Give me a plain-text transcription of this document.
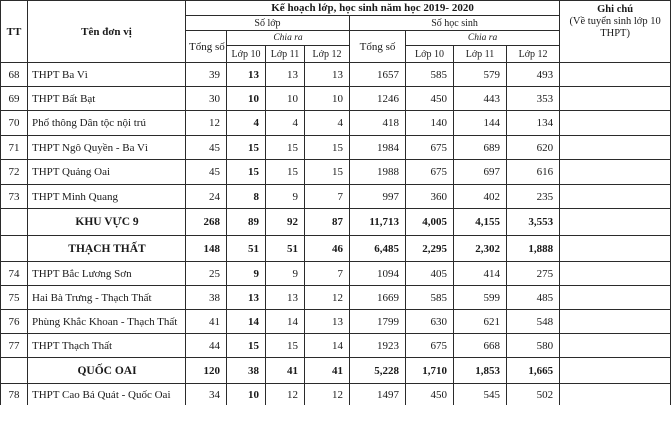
TT	Tên đơn vị	Kế hoạch lớp, học sinh năm học 2019- 2020								Ghi chú
(Về tuyển sinh lớp 10 THPT)

		Số lớp				Số học sinh				
		Tổng số	Chia ra			Tổng số	Chia ra			
			Lớp 10	Lớp 11	Lớp 12		Lớp 10	Lớp 11	Lớp 12	
68	THPT Ba Vì	39	13	13	13	1657	585	579	493	
69	THPT Bất Bạt	30	10	10	10	1246	450	443	353	
70	Phổ thông Dân tộc nội trú	12	4	4	4	418	140	144	134	
71	THPT Ngô Quyền - Ba Vì	45	15	15	15	1984	675	689	620	
72	THPT Quảng Oai	45	15	15	15	1988	675	697	616	
73	THPT Minh Quang	24	8	9	7	997	360	402	235	
	KHU VỰC 9	268	89	92	87	11,713	4,005	4,155	3,553	
	THẠCH THẤT	148	51	51	46	6,485	2,295	2,302	1,888	
74	THPT Bắc Lương Sơn	25	9	9	7	1094	405	414	275	
75	Hai Bà Trưng - Thạch Thất	38	13	13	12	1669	585	599	485	
76	Phùng Khắc Khoan - Thạch Thất	41	14	14	13	1799	630	621	548	
77	THPT Thạch Thất	44	15	15	14	1923	675	668	580	
	QUỐC OAI	120	38	41	41	5,228	1,710	1,853	1,665	
78	THPT Cao Bá Quát - Quốc Oai	34	10	12	12	1497	450	545	502	
